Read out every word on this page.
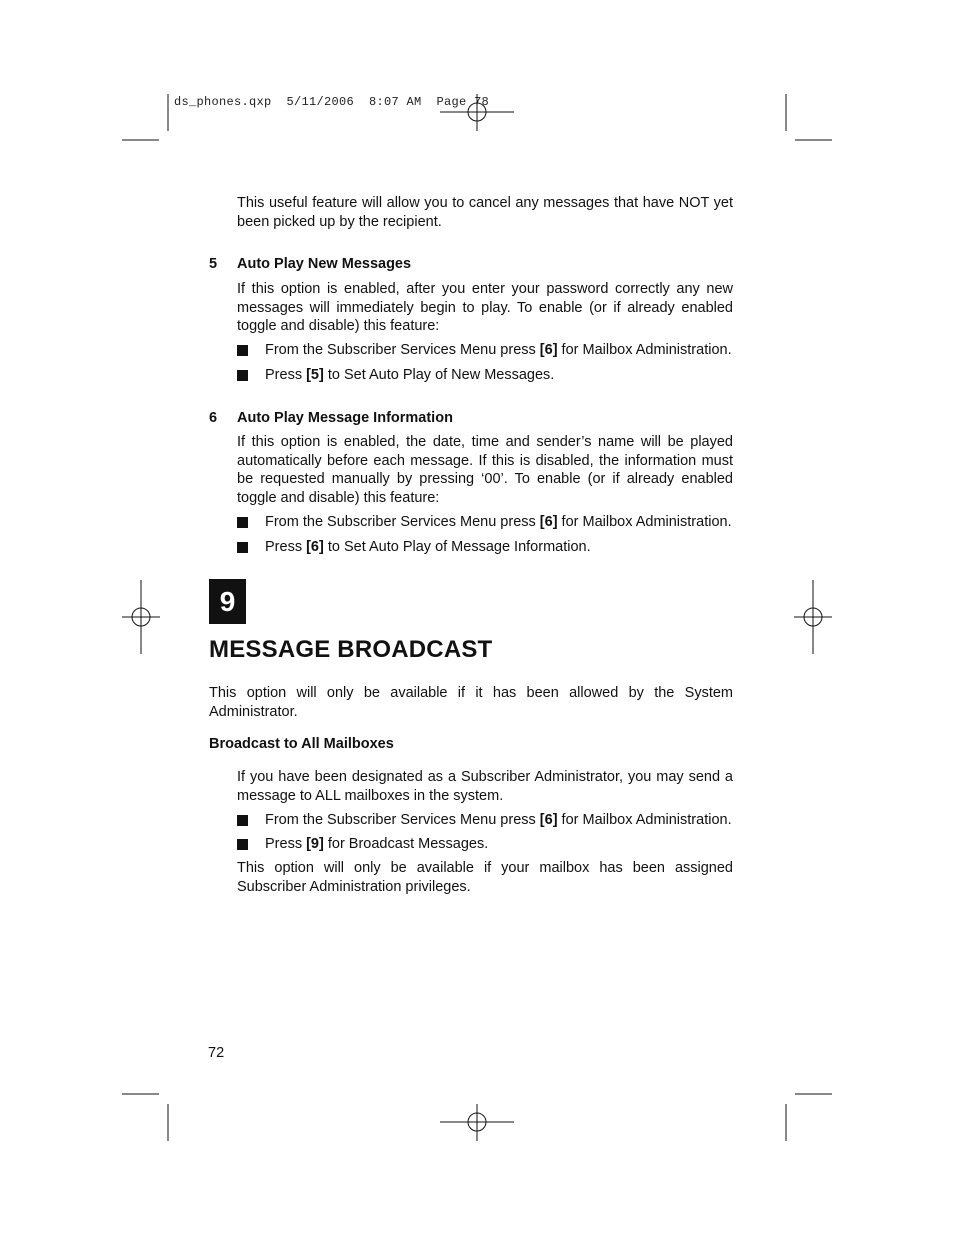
ds_phones.qxp  5/11/2006  8:07 AM  Page 78
This useful feature will allow you to cancel any messages that have NOT yet been picked up by the recipient.
5 Auto Play New Messages
If this option is enabled, after you enter your password correctly any new messages will immediately begin to play. To enable (or if already enabled toggle and disable) this feature:
From the Subscriber Services Menu press [6] for Mailbox Administration.
Press [5] to Set Auto Play of New Messages.
6 Auto Play Message Information
If this option is enabled, the date, time and sender’s name will be played automatically before each message. If this is disabled, the information must be requested manually by pressing ‘00’. To enable (or if already enabled toggle and disable) this feature:
From the Subscriber Services Menu press [6] for Mailbox Administration.
Press [6] to Set Auto Play of Message Information.
9
MESSAGE BROADCAST
This option will only be available if it has been allowed by the System Administrator.
Broadcast to All Mailboxes
If you have been designated as a Subscriber Administrator, you may send a message to ALL mailboxes in the system.
From the Subscriber Services Menu press [6] for Mailbox Administration.
Press [9] for Broadcast Messages.
This option will only be available if your mailbox has been assigned Subscriber Administration privileges.
72
